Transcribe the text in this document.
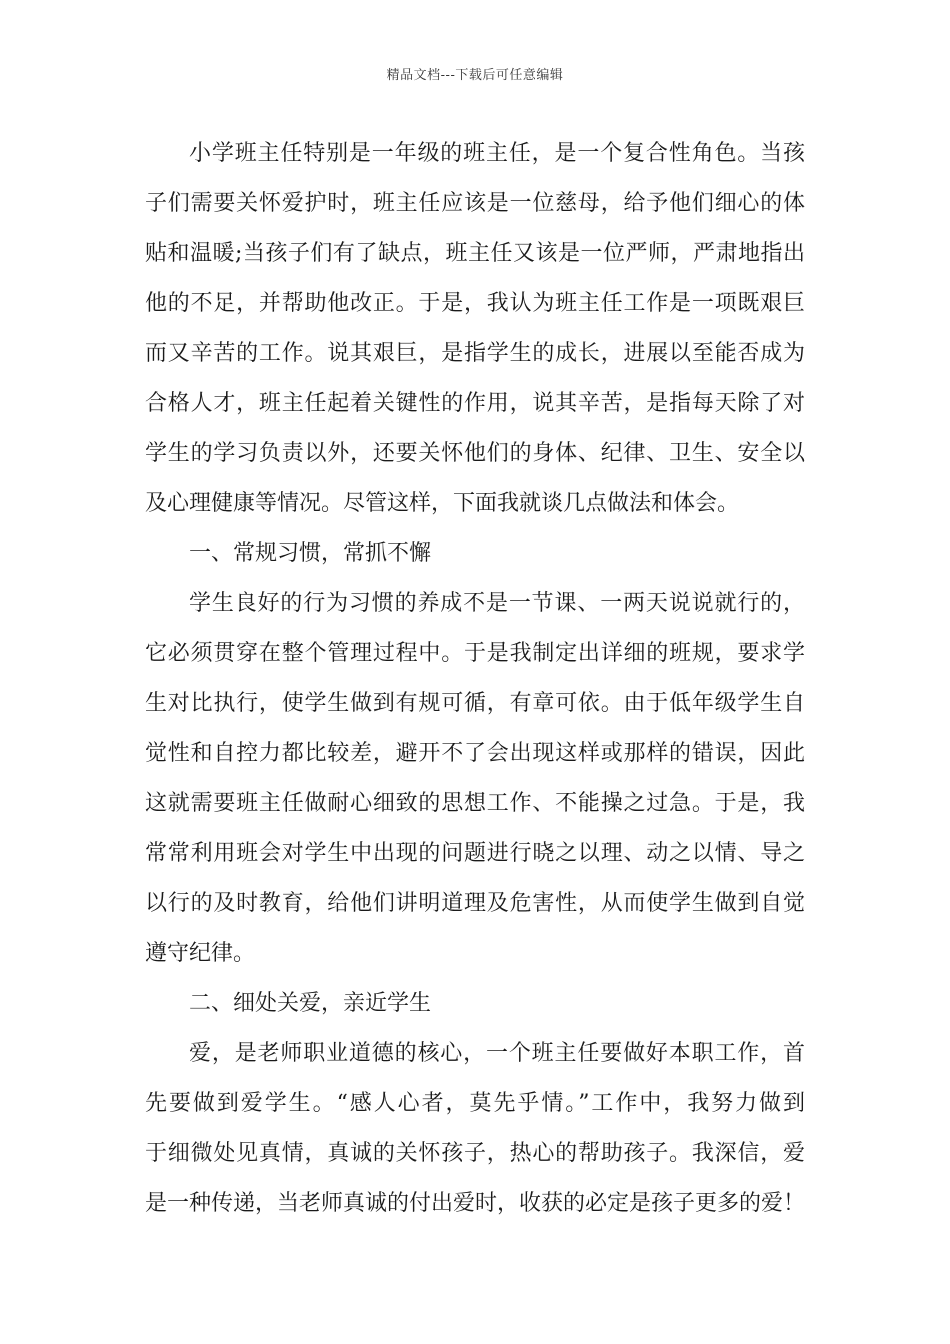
精品文档---下载后可任意编辑
小学班主任特别是一年级的班主任，是一个复合性角色。当孩
子们需要关怀爱护时，班主任应该是一位慈母，给予他们细心的体
贴和温暖;当孩子们有了缺点，班主任又该是一位严师，严肃地指出
他的不足，并帮助他改正。于是，我认为班主任工作是一项既艰巨
而又辛苦的工作。说其艰巨，是指学生的成长，进展以至能否成为
合格人才，班主任起着关键性的作用，说其辛苦，是指每天除了对
学生的学习负责以外，还要关怀他们的身体、纪律、卫生、安全以
及心理健康等情况。尽管这样，下面我就谈几点做法和体会。
一、常规习惯，常抓不懈
学生良好的行为习惯的养成不是一节课、一两天说说就行的，
它必须贯穿在整个管理过程中。于是我制定出详细的班规，要求学
生对比执行，使学生做到有规可循，有章可依。由于低年级学生自
觉性和自控力都比较差，避开不了会出现这样或那样的错误，因此
这就需要班主任做耐心细致的思想工作、不能操之过急。于是，我
常常利用班会对学生中出现的问题进行晓之以理、动之以情、导之
以行的及时教育，给他们讲明道理及危害性，从而使学生做到自觉
遵守纪律。
二、细处关爱，亲近学生
爱，是老师职业道德的核心，一个班主任要做好本职工作，首
先要做到爱学生。“感人心者，莫先乎情。”工作中，我努力做到
于细微处见真情，真诚的关怀孩子，热心的帮助孩子。我深信，爱
是一种传递，当老师真诚的付出爱时，收获的必定是孩子更多的爱！
